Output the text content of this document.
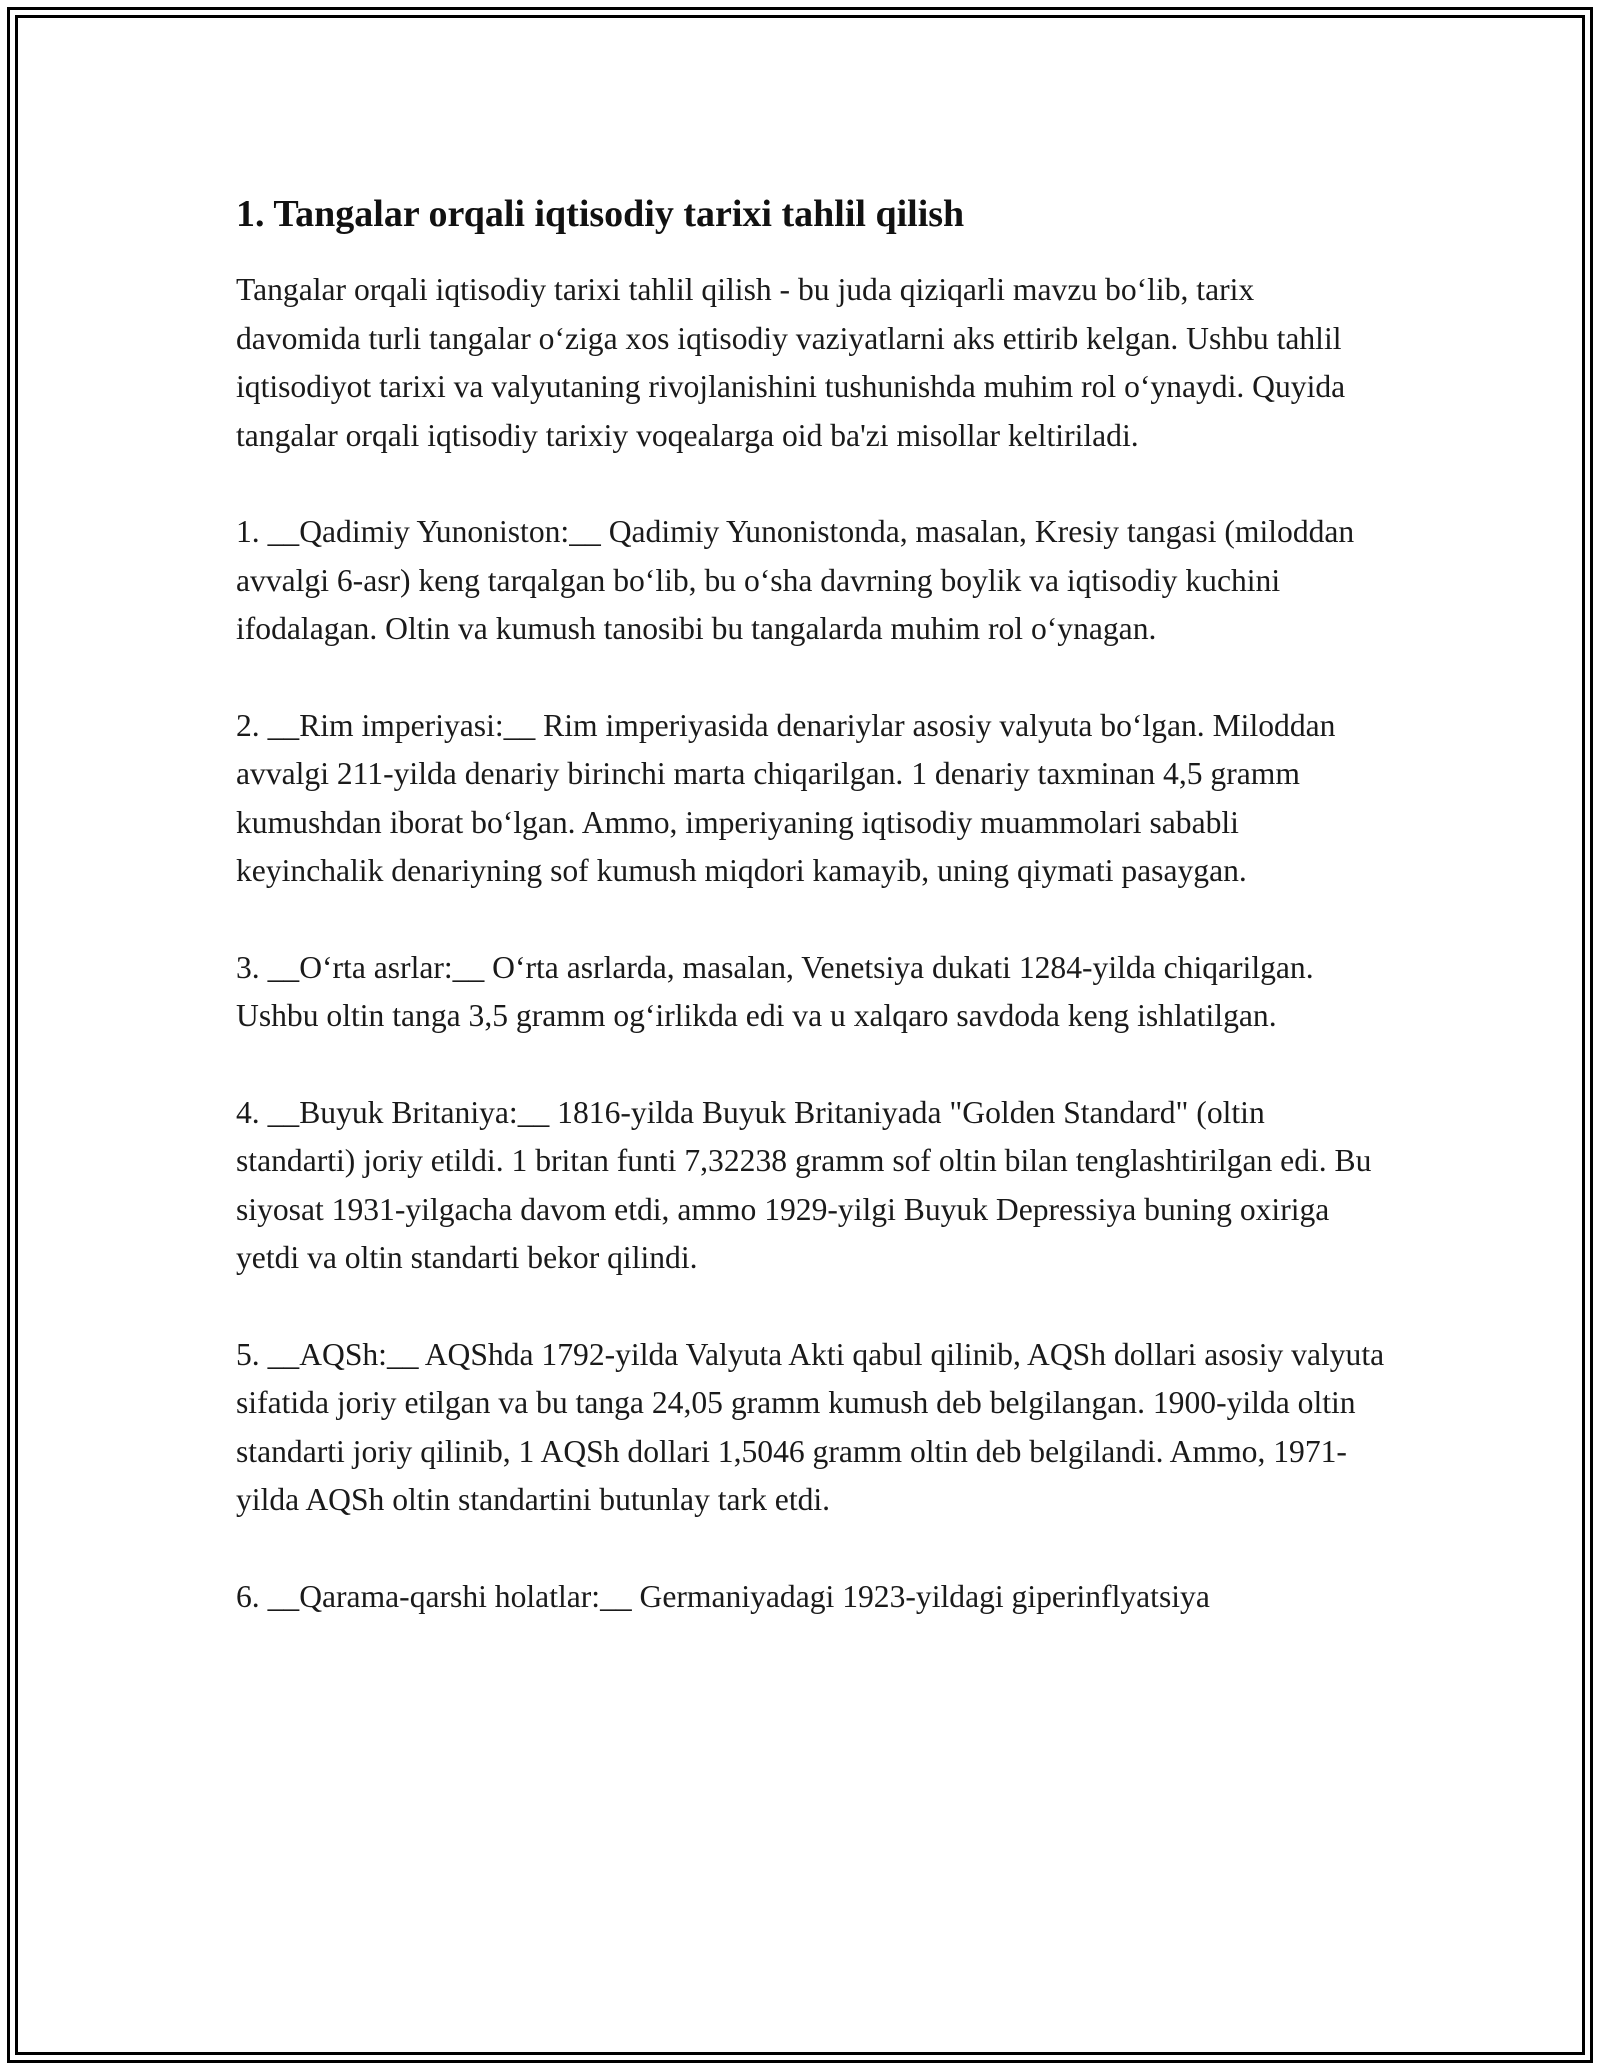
1. Tangalar orqali iqtisodiy tarixi tahlil qilish

Tangalar orqali iqtisodiy tarixi tahlil qilish - bu juda qiziqarli mavzu bo‘lib, tarix davomida turli tangalar o‘ziga xos iqtisodiy vaziyatlarni aks ettirib kelgan. Ushbu tahlil iqtisodiyot tarixi va valyutaning rivojlanishini tushunishda muhim rol o‘ynaydi. Quyida tangalar orqali iqtisodiy tarixiy voqealarga oid ba'zi misollar keltiriladi.

1. __Qadimiy Yunoniston:__ Qadimiy Yunonistonda, masalan, Kresiy tangasi (miloddan avvalgi 6-asr) keng tarqalgan bo‘lib, bu o‘sha davrning boylik va iqtisodiy kuchini ifodalagan. Oltin va kumush tanosibi bu tangalarda muhim rol o‘ynagan.

2. __Rim imperiyasi:__ Rim imperiyasida denariylar asosiy valyuta bo‘lgan. Miloddan avvalgi 211-yilda denariy birinchi marta chiqarilgan. 1 denariy taxminan 4,5 gramm kumushdan iborat bo‘lgan. Ammo, imperiyaning iqtisodiy muammolari sababli keyinchalik denariyning sof kumush miqdori kamayib, uning qiymati pasaygan.

3. __O‘rta asrlar:__ O‘rta asrlarda, masalan, Venetsiya dukati 1284-yilda chiqarilgan. Ushbu oltin tanga 3,5 gramm og‘irlikda edi va u xalqaro savdoda keng ishlatilgan.

4. __Buyuk Britaniya:__ 1816-yilda Buyuk Britaniyada "Golden Standard" (oltin standarti) joriy etildi. 1 britan funti 7,32238 gramm sof oltin bilan tenglashtirilgan edi. Bu siyosat 1931-yilgacha davom etdi, ammo 1929-yilgi Buyuk Depressiya buning oxiriga yetdi va oltin standarti bekor qilindi.

5. __AQSh:__ AQShda 1792-yilda Valyuta Akti qabul qilinib, AQSh dollari asosiy valyuta sifatida joriy etilgan va bu tanga 24,05 gramm kumush deb belgilangan. 1900-yilda oltin standarti joriy qilinib, 1 AQSh dollari 1,5046 gramm oltin deb belgilandi. Ammo, 1971-yilda AQSh oltin standartini butunlay tark etdi.

6. __Qarama-qarshi holatlar:__ Germaniyadagi 1923-yildagi giperinflyatsiya
